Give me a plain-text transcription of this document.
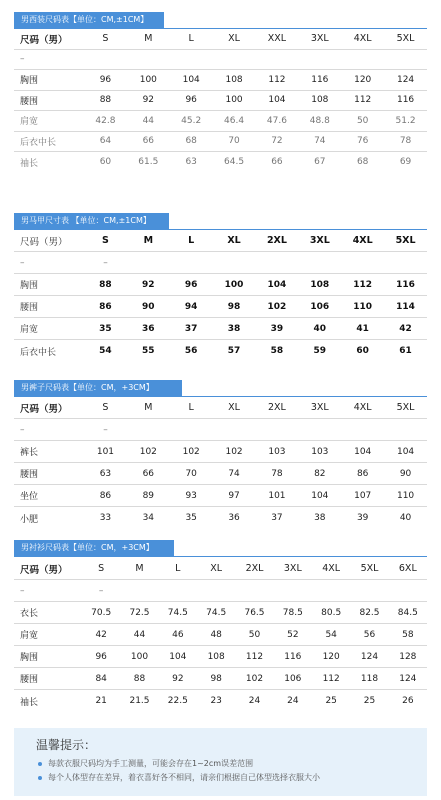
男西装尺码表【单位：CM,±1CM】
尺码（男）	S	M	L	XL	XXL	3XL	4XL	5XL
–
胸围	96	100	104	108	112	116	120	124
腰围	88	92	96	100	104	108	112	116
肩宽	42.8	44	45.2	46.4	47.6	48.8	50	51.2
后衣中长	64	66	68	70	72	74	76	78
袖长	60	61.5	63	64.5	66	67	68	69
男马甲尺寸表 【单位：CM,±1CM】
尺码（男）	S	M	L	XL	2XL	3XL	4XL	5XL
–	–
胸围	88	92	96	100	104	108	112	116
腰围	86	90	94	98	102	106	110	114
肩宽	35	36	37	38	39	40	41	42
后衣中长	54	55	56	57	58	59	60	61
男裤子尺码表【单位：CM，+3CM】
尺码（男）	S	M	L	XL	2XL	3XL	4XL	5XL
–	–
裤长	101	102	102	102	103	103	104	104
腰围	63	66	70	74	78	82	86	90
坐位	86	89	93	97	101	104	107	110
小肥	33	34	35	36	37	38	39	40
男衬衫尺码表【单位：CM，+3CM】
尺码（男）	S	M	L	XL	2XL	3XL	4XL	5XL	6XL
–	–
衣长	70.5	72.5	74.5	74.5	76.5	78.5	80.5	82.5	84.5
肩宽	42	44	46	48	50	52	54	56	58
胸围	96	100	104	108	112	116	120	124	128
腰围	84	88	92	98	102	106	112	118	124
袖长	21	21.5	22.5	23	24	24	25	25	26
温馨提示：
每款衣服尺码均为手工测量，可能会存在1~2cm误差范围
每个人体型存在差异，着衣喜好各不相同，请亲们根据自己体型选择衣服大小
